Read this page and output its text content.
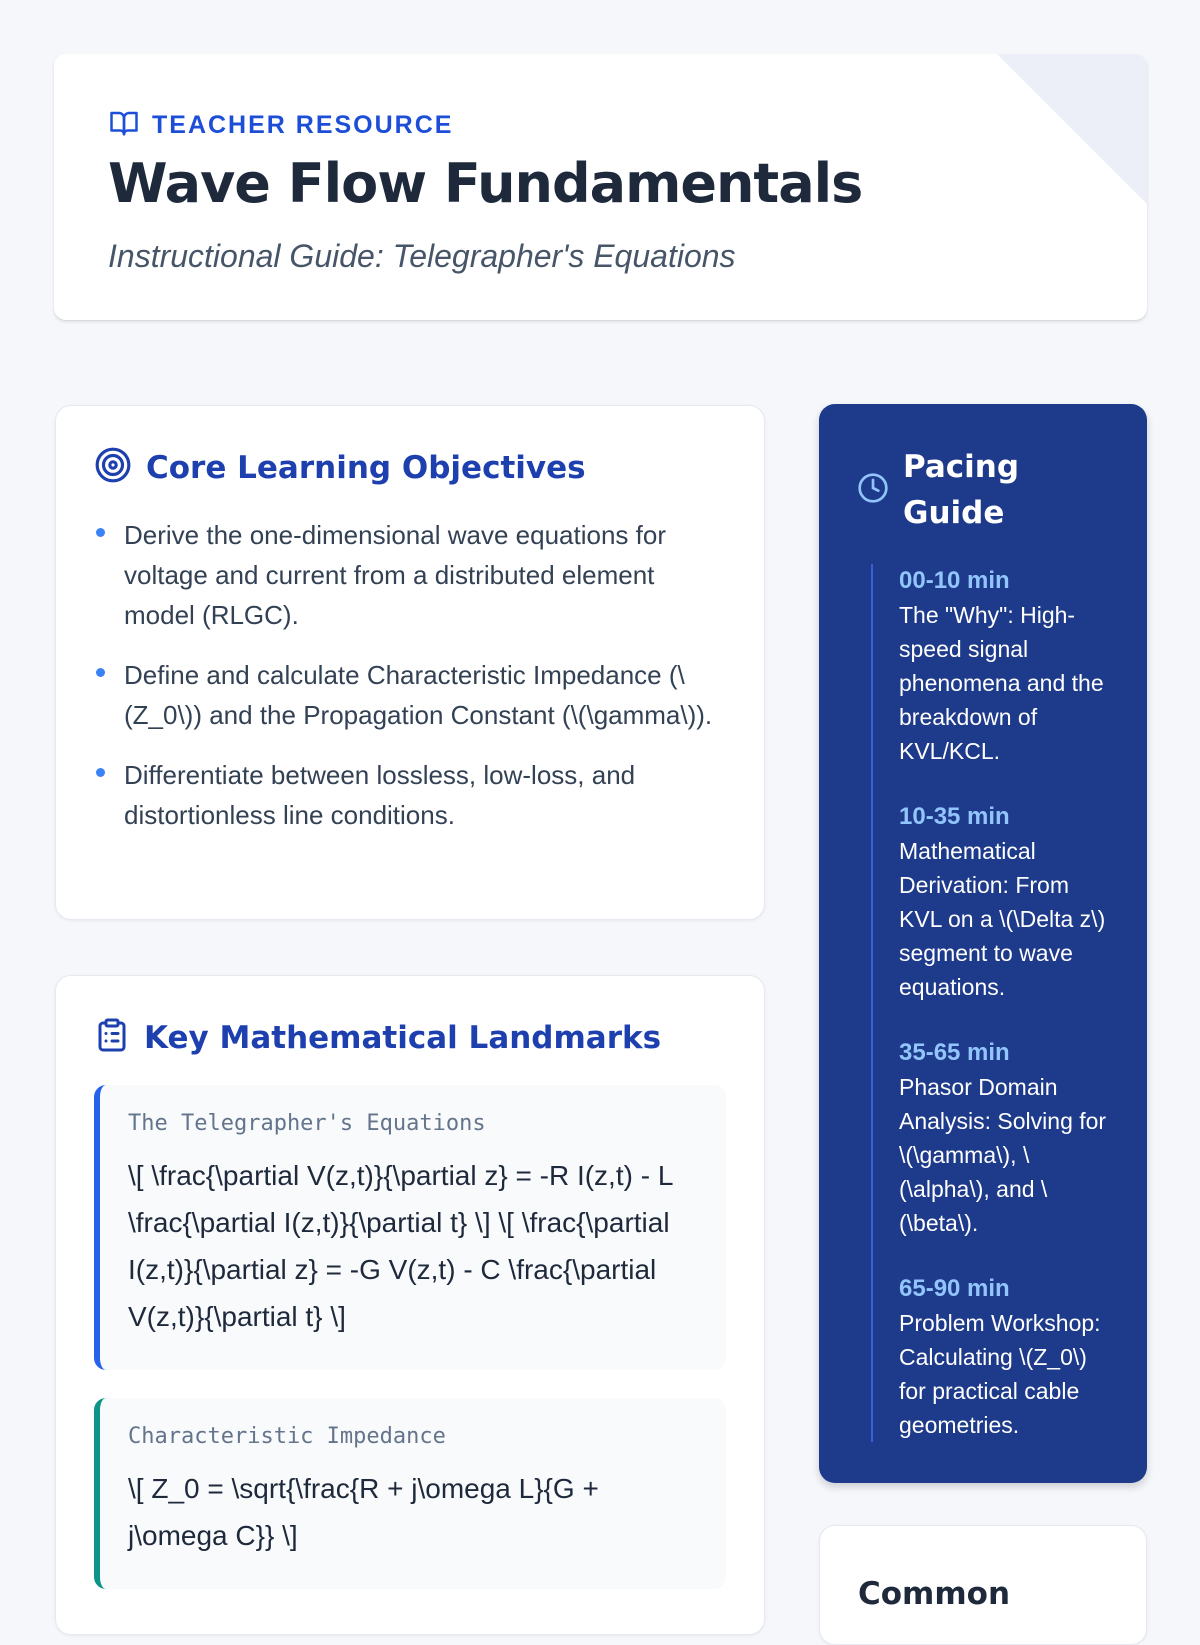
TEACHER RESOURCE
Wave Flow Fundamentals

Instructional Guide: Telegrapher's Equations

Core Learning Objectives
Derive the one-dimensional wave equations for voltage and current from a distributed element model (RLGC).
Define and calculate Characteristic Impedance (\(Z_0\)) and the Propagation Constant (\(\gamma\)).
Differentiate between lossless, low-loss, and distortionless line conditions.
Key Mathematical Landmarks
The Telegrapher's Equations
\[ \frac{\partial V(z,t)}{\partial z} = -R I(z,t) - L \frac{\partial I(z,t)}{\partial t} \] \[ \frac{\partial I(z,t)}{\partial z} = -G V(z,t) - C \frac{\partial V(z,t)}{\partial t} \]
Characteristic Impedance
\[ Z_0 = \sqrt{\frac{R + j\omega L}{G + j\omega C}} \]
Pacing Guide
00-10 min
The "Why": High-speed signal phenomena and the breakdown of KVL/KCL.
10-35 min
Mathematical Derivation: From KVL on a \(\Delta z\) segment to wave equations.
35-65 min
Phasor Domain Analysis: Solving for \(\gamma\), \(\alpha\), and \(\beta\).
65-90 min
Problem Workshop: Calculating \(Z_0\) for practical cable geometries.
Common
